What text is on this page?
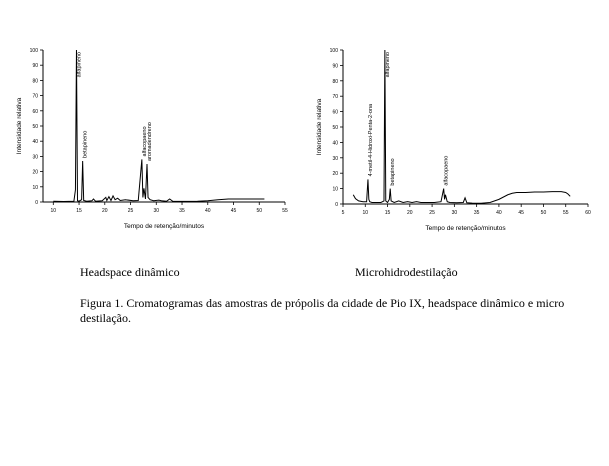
0
10
20
30
40
50
60
70
80
90
100
10	15	20	25	30	35	40	45	50	55
Tempo de retenção/minutos
Intensidade relativa
alfapineno
betapineno	alfacopaeno aromadendreno
0
10
20
30
40
50
60
70
80
90
100
5	10	15	20	25	30	35	40	45	50	55	60
Tempo de retenção/minutos
Intensidade relativa	4-metil-4-Hidroxi-Penta-2-ona
alfapineno
betapineno	alfacopaeno
Headspace dinâmico	Microhidrodestilação
Figura 1. Cromatogramas das amostras de própolis da cidade de Pio IX, headspace dinâmico e micro destilação.
